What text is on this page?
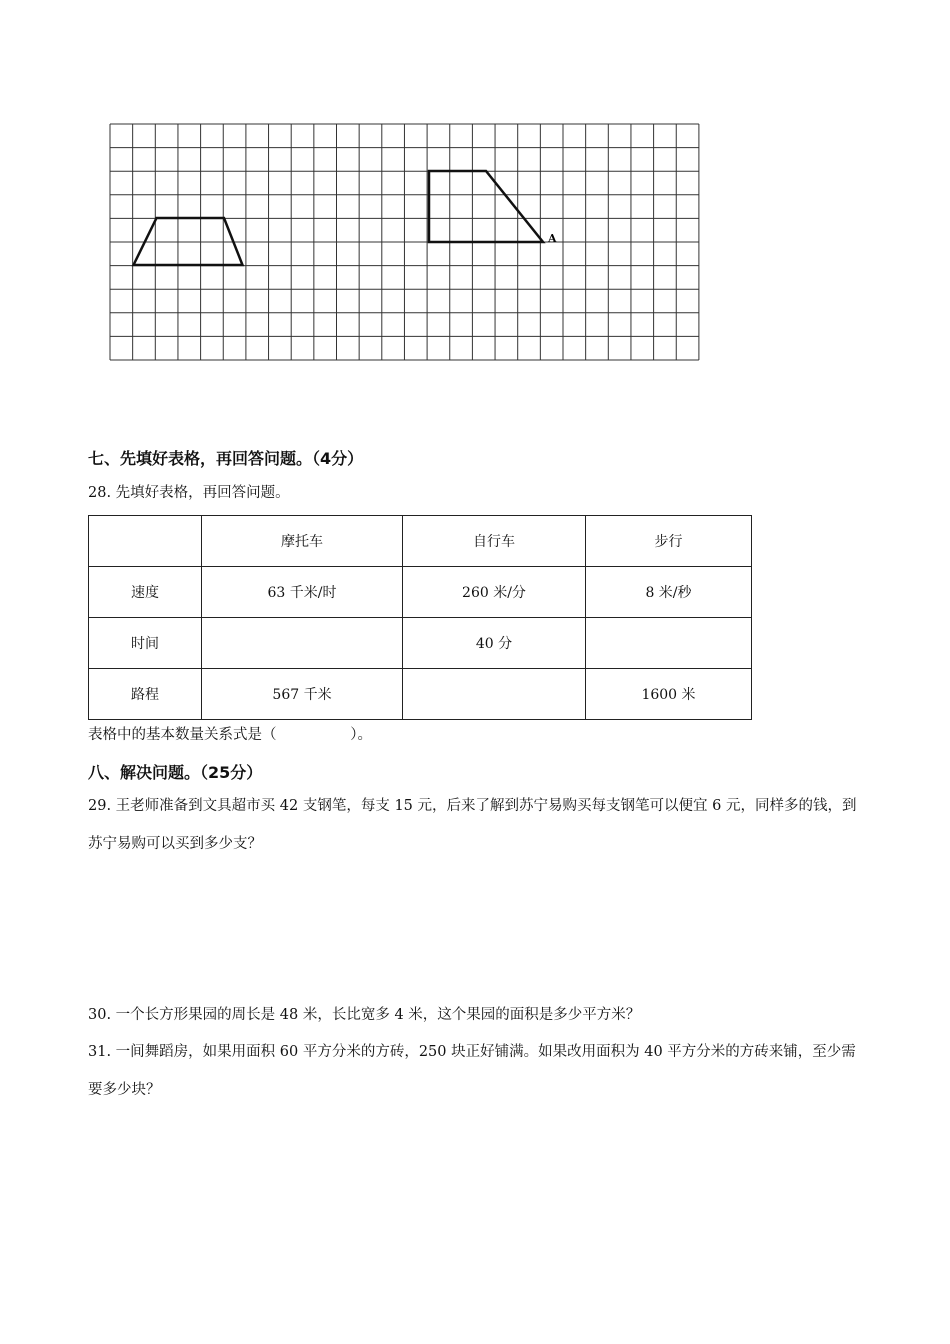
A
七、先填好表格，再回答问题。（4分）
28. 先填好表格，再回答问题。
	摩托车	自行车	步行
速度	63 千米/时	260 米/分	8 米/秒
时间		40 分	
路程	567 千米		1600 米
表格中的基本数量关系式是（                ）。
八、解决问题。（25分）
29. 王老师准备到文具超市买 42 支钢笔，每支 15 元，后来了解到苏宁易购买每支钢笔可以便宜 6 元，同样多的钱，到苏宁易购可以买到多少支？
30. 一个长方形果园的周长是 48 米，长比宽多 4 米，这个果园的面积是多少平方米？
31. 一间舞蹈房，如果用面积 60 平方分米的方砖，250 块正好铺满。如果改用面积为 40 平方分米的方砖来铺，至少需要多少块？
